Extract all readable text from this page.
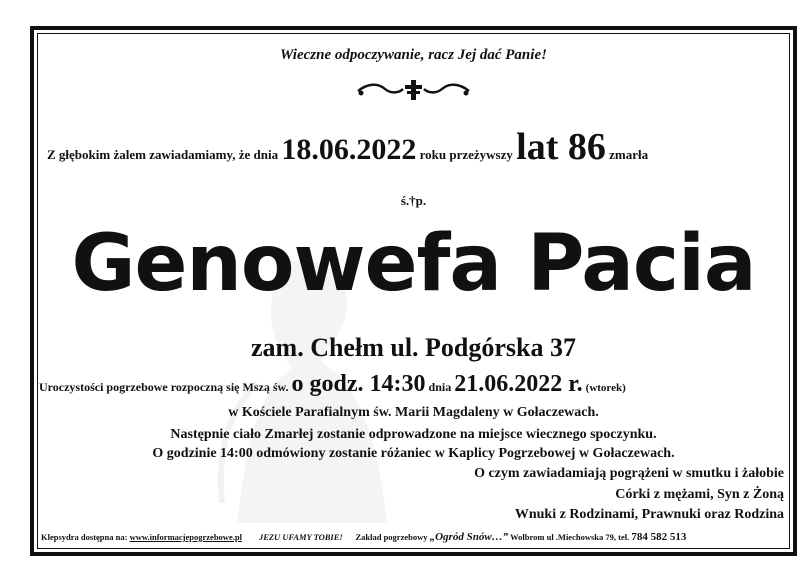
Wieczne odpoczywanie, racz Jej dać Panie!
Z głębokim żalem zawiadamiamy, że dnia 18.06.2022 roku przeżywszy lat 86 zmarła
ś.†p.
Genowefa Pacia
zam. Chełm ul. Podgórska 37
Uroczystości pogrzebowe rozpoczną się Mszą św. o godz. 14:30 dnia 21.06.2022 r. (wtorek)
w Kościele Parafialnym św. Marii Magdaleny w Gołaczewach.
Następnie ciało Zmarłej zostanie odprowadzone na miejsce wiecznego spoczynku.
O godzinie 14:00 odmówiony zostanie różaniec w Kaplicy Pogrzebowej w Gołaczewach.
O czym zawiadamiają pogrążeni w smutku i żałobie
Córki z mężami, Syn z Żoną
Wnuki z Rodzinami, Prawnuki oraz Rodzina
Klepsydra dostępna na: www.informacjepogrzebowe.pl JEZU UFAMY TOBIE! Zakład pogrzebowy „Ogród Snów…” Wolbrom ul .Miechowska 79, tel. 784 582 513
